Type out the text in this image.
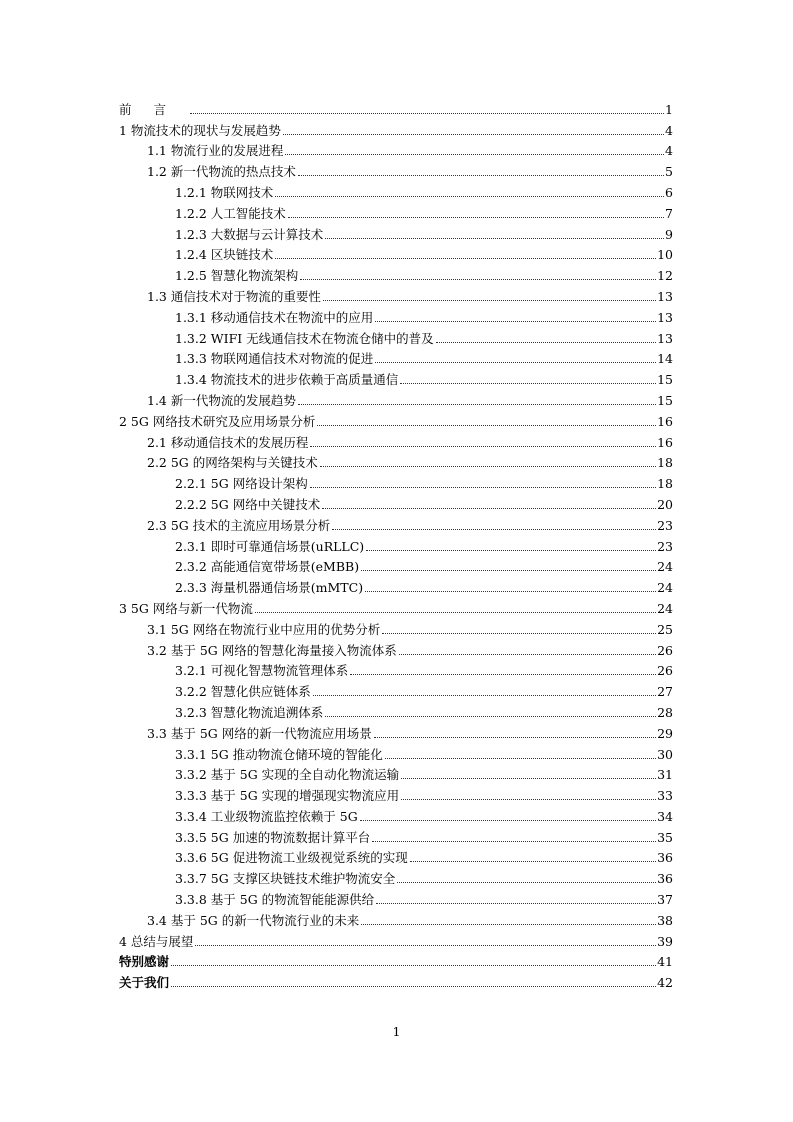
前言	1
1 物流技术的现状与发展趋势	4
1.1 物流行业的发展进程	4
1.2 新一代物流的热点技术	5
1.2.1 物联网技术	6
1.2.2 人工智能技术	7
1.2.3 大数据与云计算技术	9
1.2.4 区块链技术	10
1.2.5 智慧化物流架构	12
1.3 通信技术对于物流的重要性	13
1.3.1 移动通信技术在物流中的应用	13
1.3.2 WIFI 无线通信技术在物流仓储中的普及	13
1.3.3 物联网通信技术对物流的促进	14
1.3.4 物流技术的进步依赖于高质量通信	15
1.4 新一代物流的发展趋势	15
2 5G 网络技术研究及应用场景分析	16
2.1 移动通信技术的发展历程	16
2.2 5G 的网络架构与关键技术	18
2.2.1 5G 网络设计架构	18
2.2.2 5G 网络中关键技术	20
2.3 5G 技术的主流应用场景分析	23
2.3.1 即时可靠通信场景(uRLLC)	23
2.3.2 高能通信宽带场景(eMBB)	24
2.3.3 海量机器通信场景(mMTC)	24
3 5G 网络与新一代物流	24
3.1 5G 网络在物流行业中应用的优势分析	25
3.2 基于 5G 网络的智慧化海量接入物流体系	26
3.2.1 可视化智慧物流管理体系	26
3.2.2 智慧化供应链体系	27
3.2.3 智慧化物流追溯体系	28
3.3 基于 5G 网络的新一代物流应用场景	29
3.3.1 5G 推动物流仓储环境的智能化	30
3.3.2 基于 5G 实现的全自动化物流运输	31
3.3.3 基于 5G 实现的增强现实物流应用	33
3.3.4 工业级物流监控依赖于 5G	34
3.3.5 5G 加速的物流数据计算平台	35
3.3.6 5G 促进物流工业级视觉系统的实现	36
3.3.7 5G 支撑区块链技术维护物流安全	36
3.3.8 基于 5G 的物流智能能源供给	37
3.4 基于 5G 的新一代物流行业的未来	38
4 总结与展望	39
特别感谢	41
关于我们	42
1
